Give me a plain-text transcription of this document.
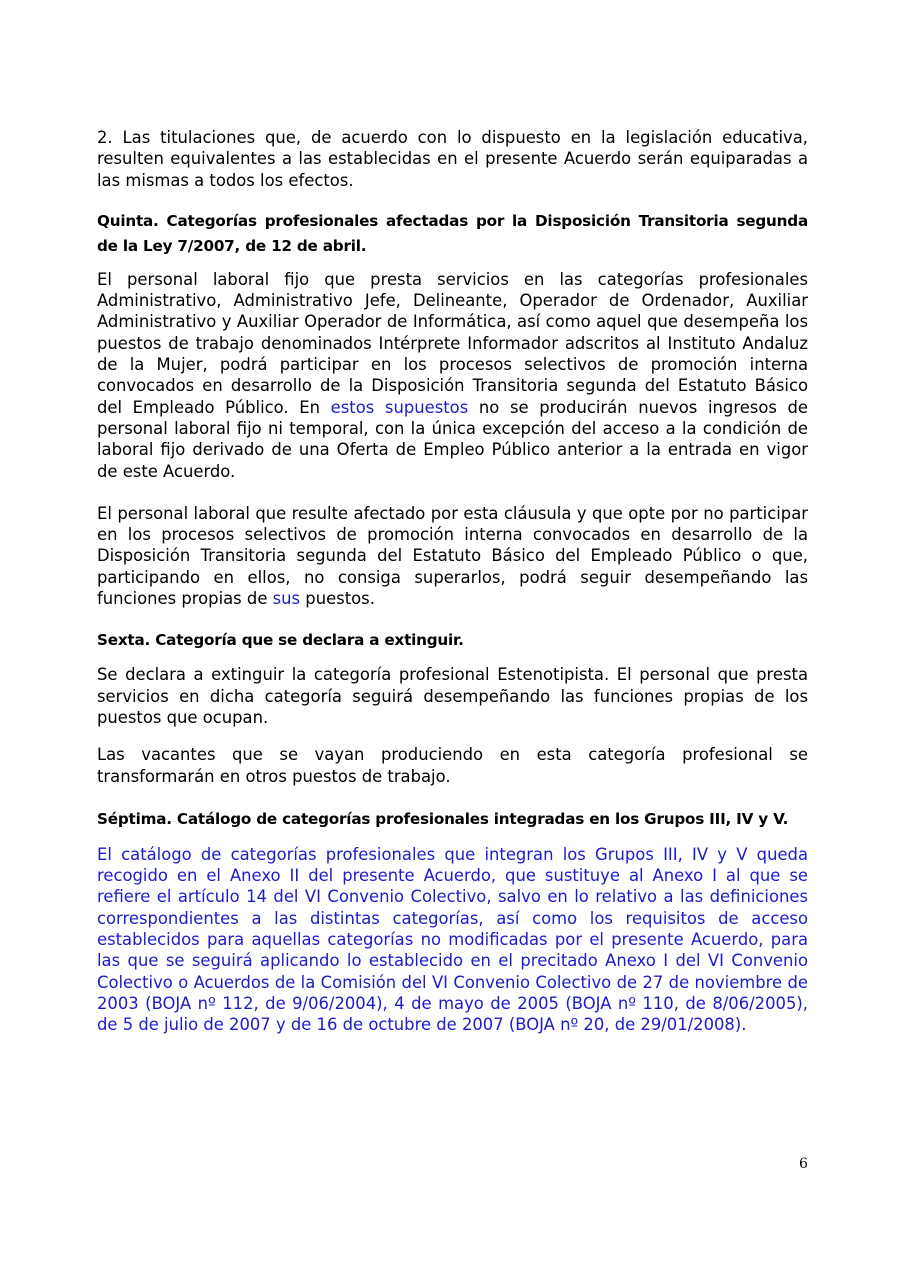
2. Las titulaciones que, de acuerdo con lo dispuesto en la legislación educativa, resulten equivalentes a las establecidas en el presente Acuerdo serán equiparadas a las mismas a todos los efectos.

Quinta. Categorías profesionales afectadas por la Disposición Transitoria segunda de la Ley 7/2007, de 12 de abril.

El personal laboral fijo que presta servicios en las categorías profesionales Administrativo, Administrativo Jefe, Delineante, Operador de Ordenador, Auxiliar Administrativo y Auxiliar Operador de Informática, así como aquel que desempeña los puestos de trabajo denominados Intérprete Informador adscritos al Instituto Andaluz de la Mujer, podrá participar en los procesos selectivos de promoción interna convocados en desarrollo de la Disposición Transitoria segunda del Estatuto Básico del Empleado Público. En estos supuestos no se producirán nuevos ingresos de personal laboral fijo ni temporal, con la única excepción del acceso a la condición de laboral fijo derivado de una Oferta de Empleo Público anterior a la entrada en vigor de este Acuerdo.

El personal laboral que resulte afectado por esta cláusula y que opte por no participar en los procesos selectivos de promoción interna convocados en desarrollo de la Disposición Transitoria segunda del Estatuto Básico del Empleado Público o que, participando en ellos, no consiga superarlos, podrá seguir desempeñando las funciones propias de sus puestos.

Sexta. Categoría que se declara a extinguir.

Se declara a extinguir la categoría profesional Estenotipista. El personal que presta servicios en dicha categoría seguirá desempeñando las funciones propias de los puestos que ocupan.

Las vacantes que se vayan produciendo en esta categoría profesional se transformarán en otros puestos de trabajo.

Séptima. Catálogo de categorías profesionales integradas en los Grupos III, IV y V.

El catálogo de categorías profesionales que integran los Grupos III, IV y V queda recogido en el Anexo II del presente Acuerdo, que sustituye al Anexo I al que se refiere el artículo 14 del VI Convenio Colectivo, salvo en lo relativo a las definiciones correspondientes a las distintas categorías, así como los requisitos de acceso establecidos para aquellas categorías no modificadas por el presente Acuerdo, para las que se seguirá aplicando lo establecido en el precitado Anexo I del VI Convenio Colectivo o Acuerdos de la Comisión del VI Convenio Colectivo de 27 de noviembre de 2003 (BOJA nº 112, de 9/06/2004), 4 de mayo de 2005 (BOJA nº 110, de 8/06/2005), de 5 de julio de 2007 y de 16 de octubre de 2007 (BOJA nº 20, de 29/01/2008).

6
